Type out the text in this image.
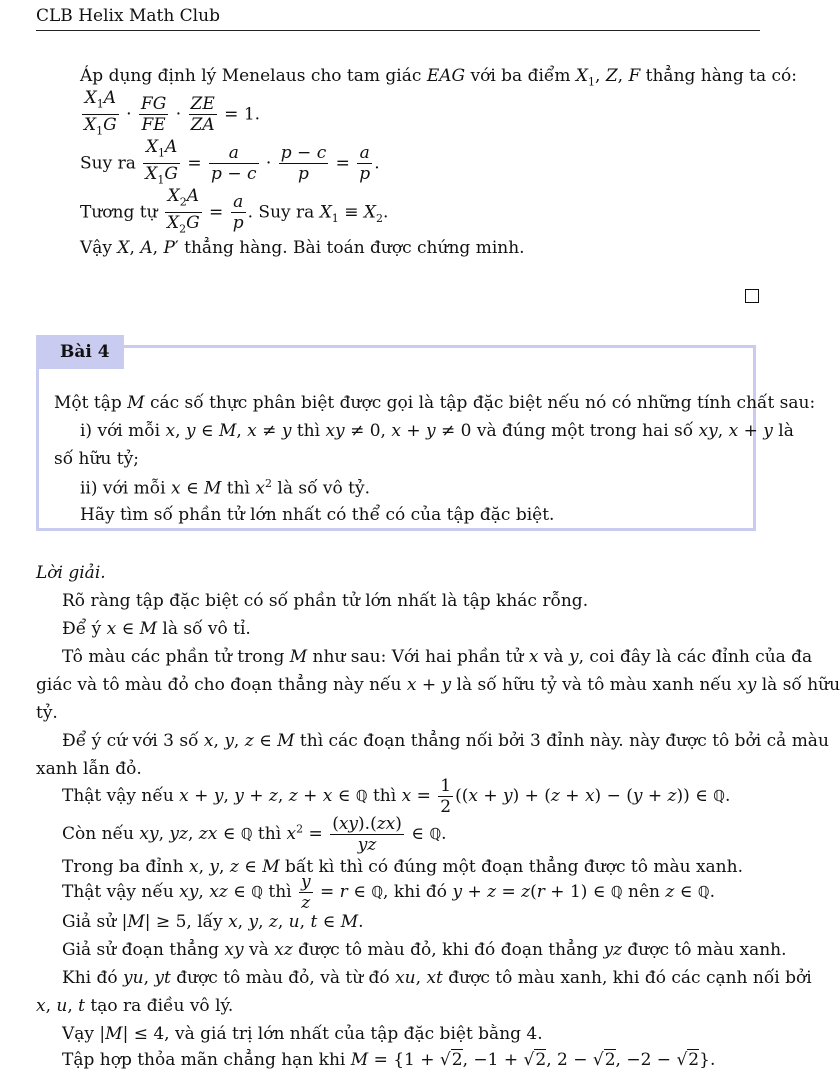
CLB Helix Math Club
Áp dụng định lý Menelaus cho tam giác EAG với ba điểm $X_1$, Z, F thẳng hàng ta có:
$\frac{X_1A}{X_1G} \cdot \frac{FG}{FE} \cdot \frac{ZE}{ZA} = 1$.
Suy ra $\frac{X_1A}{X_1G} = \frac{a}{p - c} \cdot \frac{p - c}{p} = \frac{a}{p}$ .
Tương tự $\frac{X_2A}{X_2G} = \frac{a}{p}$ . Suy ra $X_1 \equiv X_2$.
Vậy X, A, P′ thẳng hàng. Bài toán được chứng minh.
Bài 4
Một tập M các số thực phân biệt được gọi là tập đặc biệt nếu nó có những tính chất sau:
i) với mỗi x, y ∈ M, x ≠ y thì xy ≠ 0, x + y ≠ 0 và đúng một trong hai số xy, x + y là
số hữu tỷ;
ii) với mỗi x ∈ M thì $x^2$ là số vô tỷ.
Hãy tìm số phần tử lớn nhất có thể có của tập đặc biệt.
Lời giải.
Rõ ràng tập đặc biệt có số phần tử lớn nhất là tập khác rỗng.
Để ý x ∈ M là số vô tỉ.
Tô màu các phần tử trong M như sau: Với hai phần tử x và y, coi đây là các đỉnh của đa
giác và tô màu đỏ cho đoạn thẳng này nếu x + y là số hữu tỷ và tô màu xanh nếu xy là số hữu
tỷ.
Để ý cứ với 3 số x, y, z ∈ M thì các đoạn thẳng nối bởi 3 đỉnh này. này được tô bởi cả màu
xanh lẫn đỏ.
Thật vậy nếu x + y, y + z, z + x ∈ ℚ thì $x = \frac{1}{2} ((x + y) + (z + x) - (y + z))$ ∈ ℚ.
Còn nếu xy, yz, zx ∈ ℚ thì $x^2 = \frac{(xy).(zx)}{yz}$ ∈ ℚ.
Trong ba đỉnh x, y, z ∈ M bất kì thì có đúng một đoạn thẳng được tô màu xanh.
Thật vậy nếu xy, xz ∈ ℚ thì $\frac{y}{z} = r$ ∈ ℚ, khi đó y + z = z(r + 1) ∈ ℚ nên z ∈ ℚ.
Giả sử |M| ≥ 5, lấy x, y, z, u, t ∈ M.
Giả sử đoạn thẳng xy và xz được tô màu đỏ, khi đó đoạn thẳng yz được tô màu xanh.
Khi đó yu, yt được tô màu đỏ, và từ đó xu, xt được tô màu xanh, khi đó các cạnh nối bởi
x, u, t tạo ra điều vô lý.
Vạy |M| ≤ 4, và giá trị lớn nhất của tập đặc biệt bằng 4.
Tập hợp thỏa mãn chẳng hạn khi M = {1 + √2, −1 + √2, 2 − √2, −2 − √2}.
